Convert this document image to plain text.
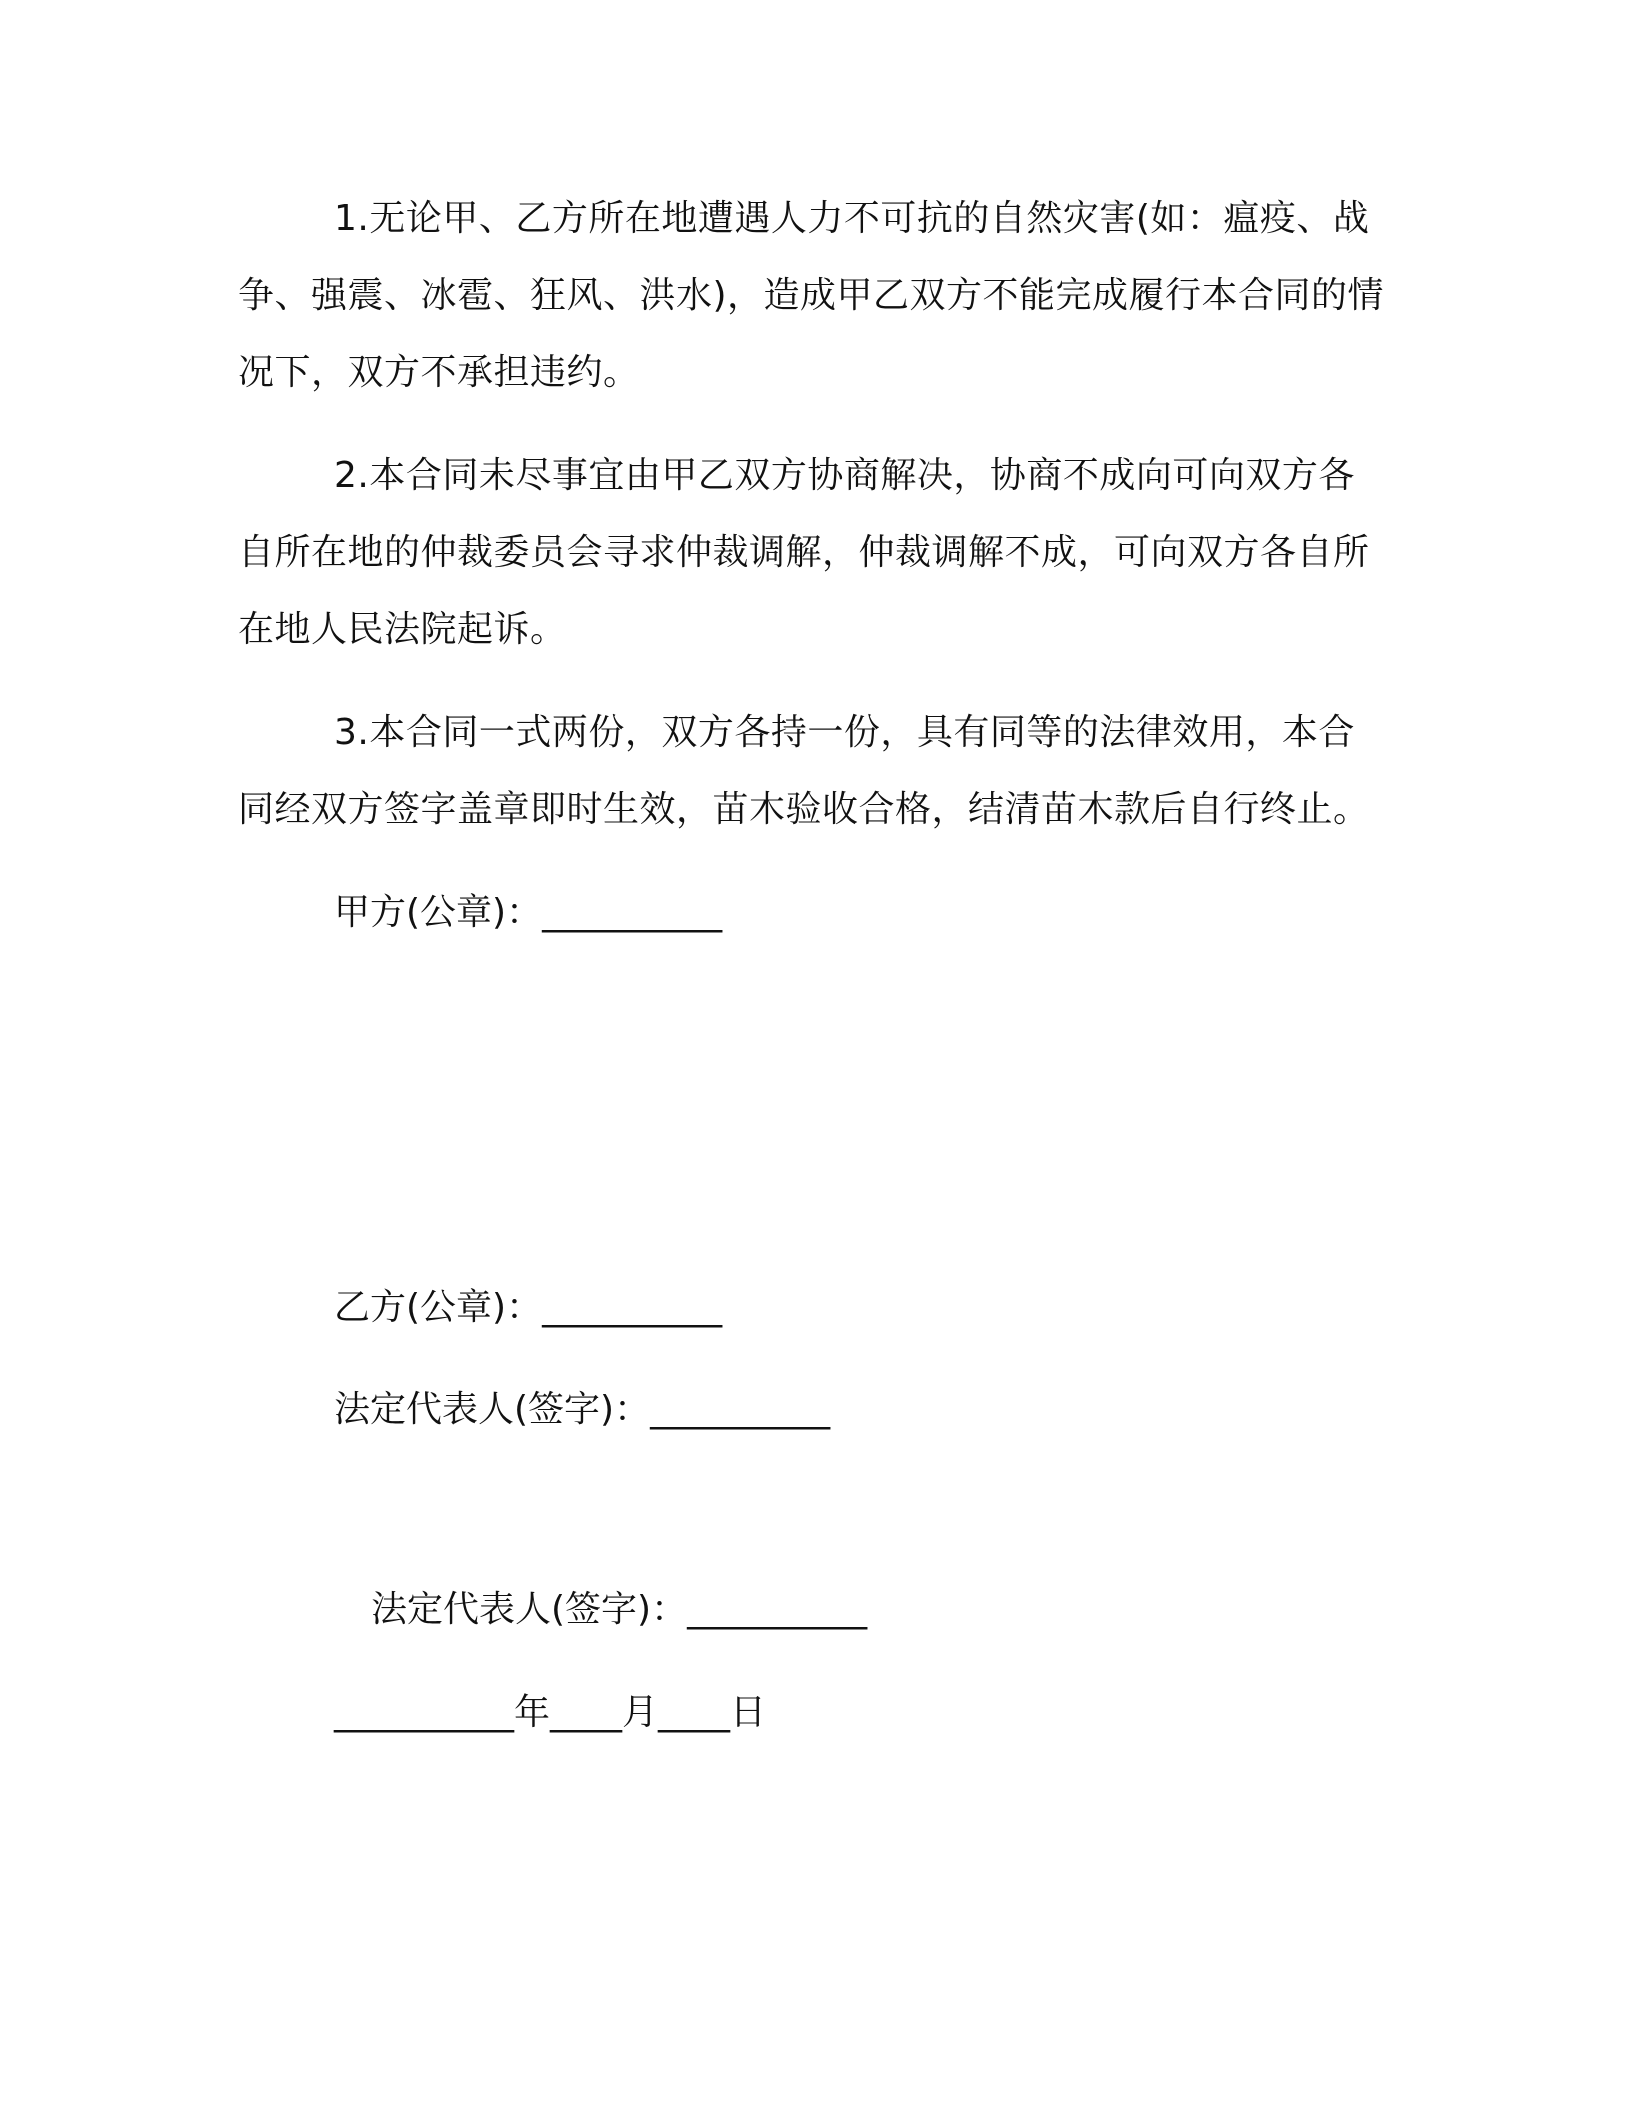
1.无论甲、乙方所在地遭遇人力不可抗的自然灾害(如：瘟疫、战争、强震、冰雹、狂风、洪水)，造成甲乙双方不能完成履行本合同的情况下，双方不承担违约。

2.本合同未尽事宜由甲乙双方协商解决，协商不成向可向双方各自所在地的仲裁委员会寻求仲裁调解，仲裁调解不成，可向双方各自所在地人民法院起诉。

3.本合同一式两份，双方各持一份，具有同等的法律效用，本合同经双方签字盖章即时生效，苗木验收合格，结清苗木款后自行终止。

甲方(公章)：__________

乙方(公章)：__________

法定代表人(签字)：__________

法定代表人(签字)：__________

__________年____月____日
